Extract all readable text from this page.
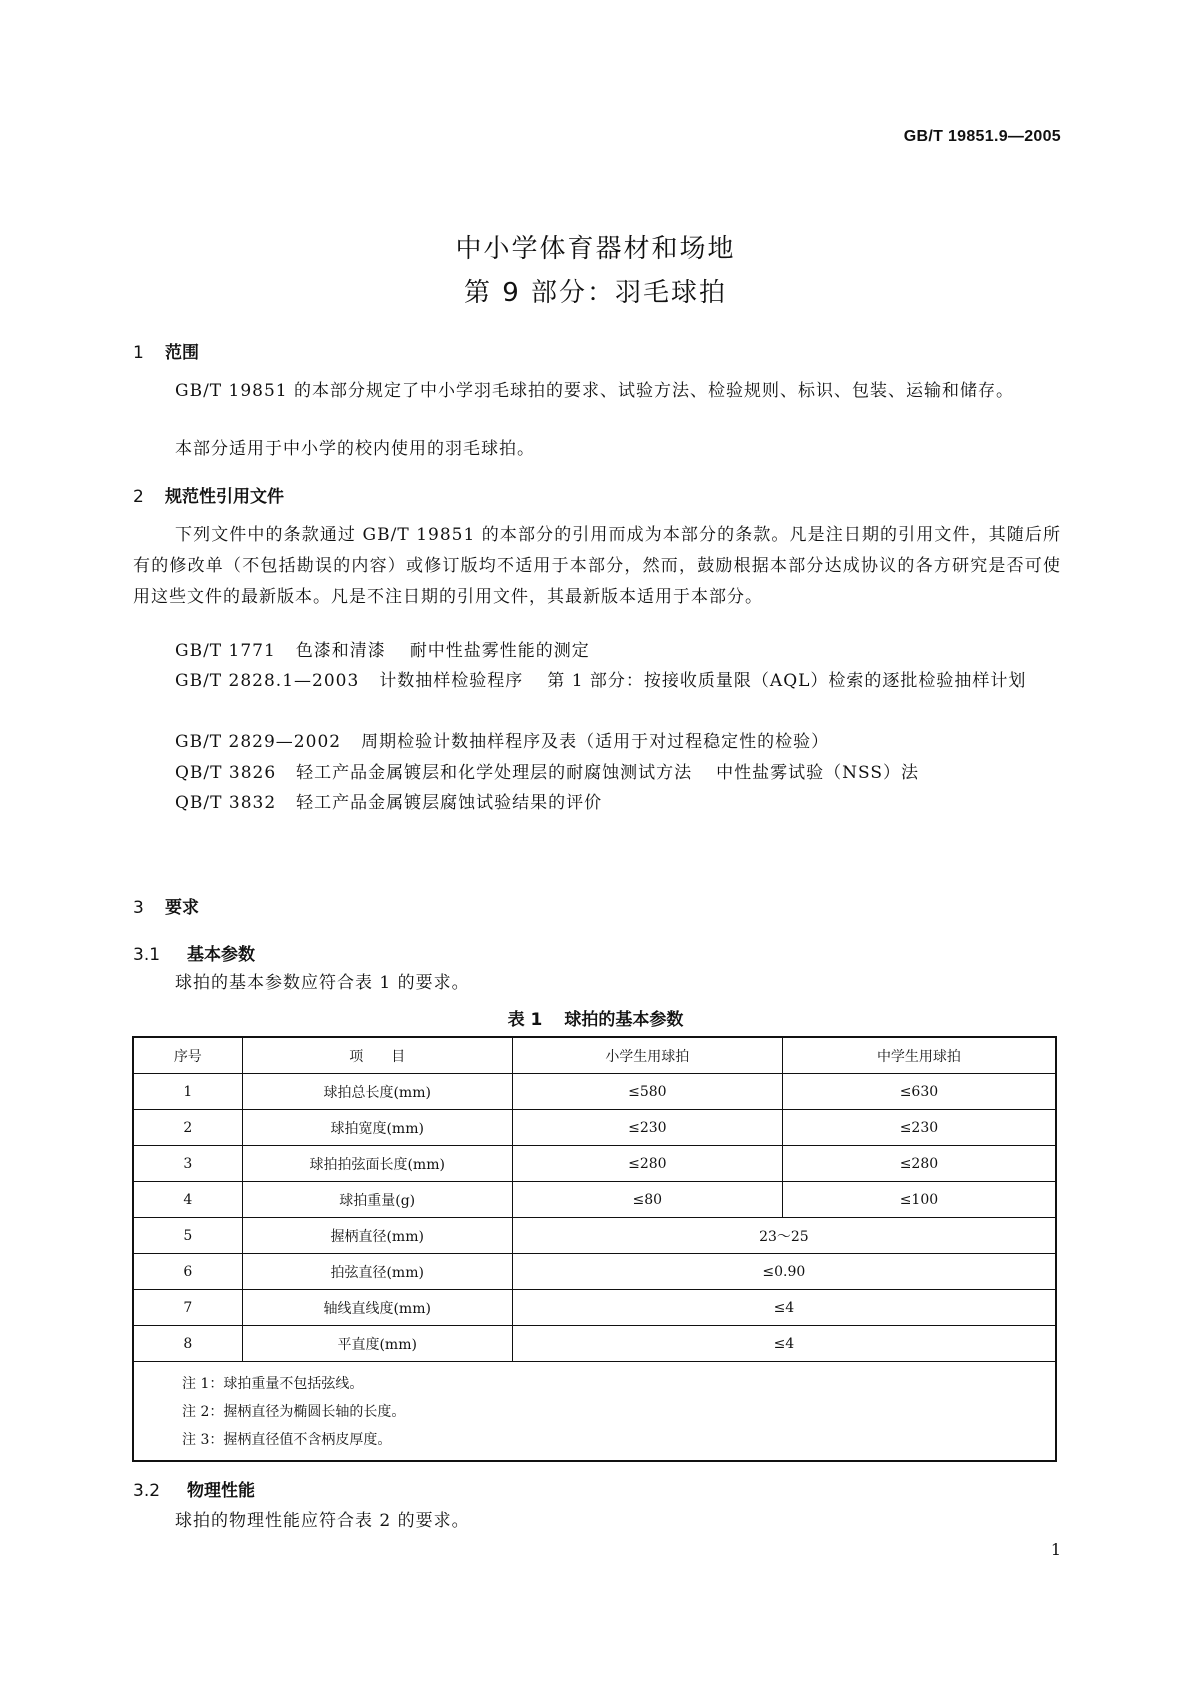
GB/T 19851.9—2005
中小学体育器材和场地
第 9 部分：羽毛球拍
1 范围
GB/T 19851 的本部分规定了中小学羽毛球拍的要求、试验方法、检验规则、标识、包装、运输和储存。
本部分适用于中小学的校内使用的羽毛球拍。
2 规范性引用文件
下列文件中的条款通过 GB/T 19851 的本部分的引用而成为本部分的条款。凡是注日期的引用文件，其随后所有的修改单（不包括勘误的内容）或修订版均不适用于本部分，然而，鼓励根据本部分达成协议的各方研究是否可使用这些文件的最新版本。凡是不注日期的引用文件，其最新版本适用于本部分。
GB/T 1771 色漆和清漆 耐中性盐雾性能的测定
GB/T 2828.1—2003 计数抽样检验程序 第 1 部分：按接收质量限（AQL）检索的逐批检验抽样计划
GB/T 2829—2002 周期检验计数抽样程序及表（适用于对过程稳定性的检验）
QB/T 3826 轻工产品金属镀层和化学处理层的耐腐蚀测试方法 中性盐雾试验（NSS）法
QB/T 3832 轻工产品金属镀层腐蚀试验结果的评价
3 要求
3.1 基本参数
球拍的基本参数应符合表 1 的要求。
表 1 球拍的基本参数
序号	项　　目	小学生用球拍	中学生用球拍
1	球拍总长度(mm)	≤580	≤630
2	球拍宽度(mm)	≤230	≤230
3	球拍拍弦面长度(mm)	≤280	≤280
4	球拍重量(g)	≤80	≤100
5	握柄直径(mm)	23～25	
6	拍弦直径(mm)	≤0.90	
7	轴线直线度(mm)	≤4	
8	平直度(mm)	≤4	

注 1：球拍重量不包括弦线。
注 2：握柄直径为椭圆长轴的长度。
注 3：握柄直径值不含柄皮厚度。			
3.2 物理性能
球拍的物理性能应符合表 2 的要求。
1
